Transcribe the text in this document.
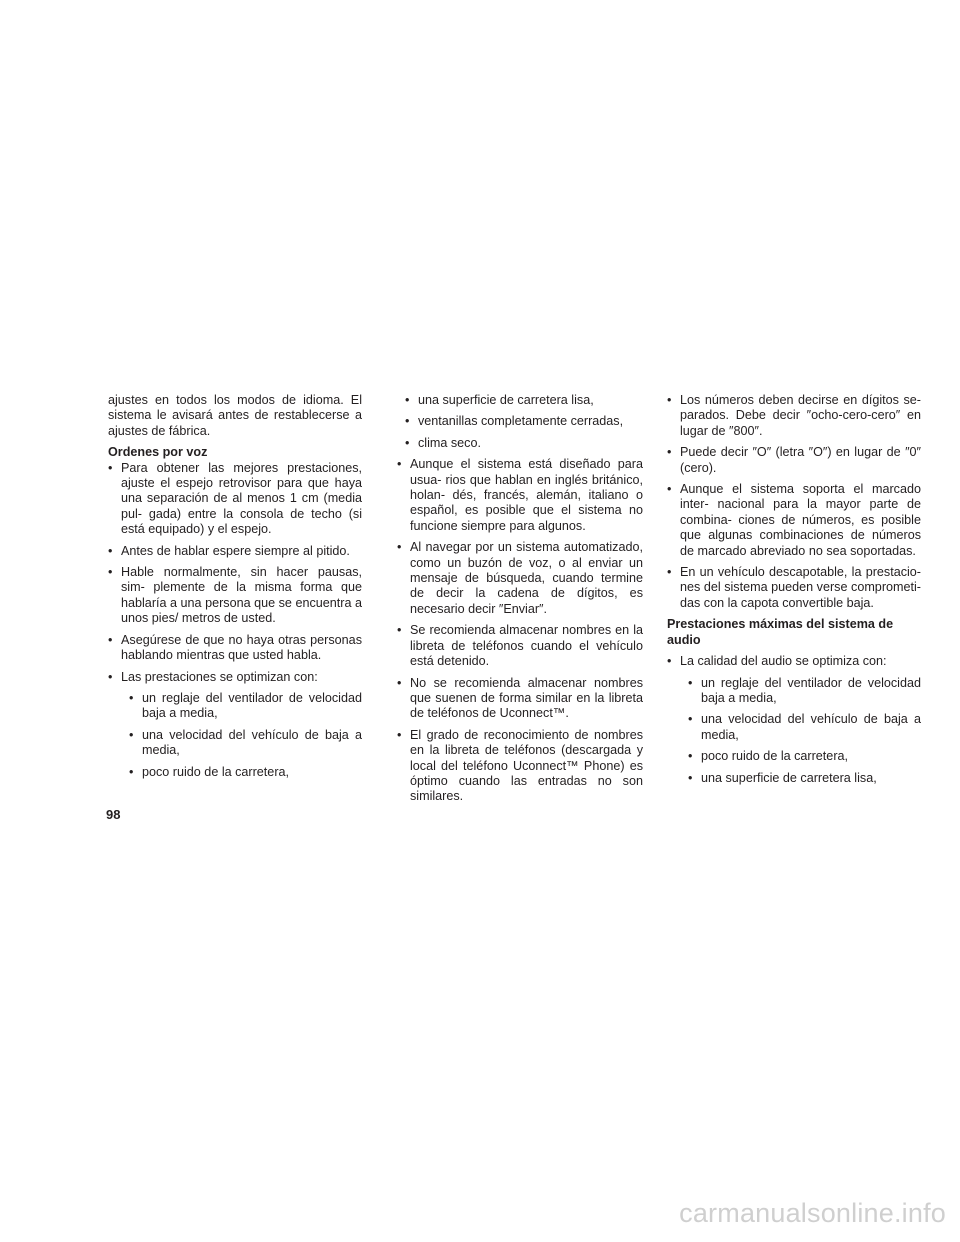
ajustes en todos los modos de idioma. El sistema le avisará antes de restablecerse a ajustes de fábrica.

Ordenes por voz

• Para obtener las mejores prestaciones, ajuste el espejo retrovisor para que haya una separación de al menos 1 cm (media pul- gada) entre la consola de techo (si está equipado) y el espejo.
• Antes de hablar espere siempre al pitido.
• Hable normalmente, sin hacer pausas, sim- plemente de la misma forma que hablaría a una persona que se encuentra a unos pies/ metros de usted.
• Asegúrese de que no haya otras personas hablando mientras que usted habla.
• Las prestaciones se optimizan con:
• un reglaje del ventilador de velocidad baja a media,
• una velocidad del vehículo de baja a media,
• poco ruido de la carretera,
• una superficie de carretera lisa,
• ventanillas completamente cerradas,
• clima seco.
• Aunque el sistema está diseñado para usua- rios que hablan en inglés británico, holan- dés, francés, alemán, italiano o español, es posible que el sistema no funcione siempre para algunos.
• Al navegar por un sistema automatizado, como un buzón de voz, o al enviar un mensaje de búsqueda, cuando termine de decir la cadena de dígitos, es necesario decir ″Enviar″.
• Se recomienda almacenar nombres en la libreta de teléfonos cuando el vehículo está detenido.
• No se recomienda almacenar nombres que suenen de forma similar en la libreta de teléfonos de Uconnect™.
• El grado de reconocimiento de nombres en la libreta de teléfonos (descargada y local del teléfono Uconnect™ Phone) es óptimo cuando las entradas no son similares.
• Los números deben decirse en dígitos se- parados. Debe decir ″ocho-cero-cero″ en lugar de ″800″.
• Puede decir ″O″ (letra ″O″) en lugar de ″0″ (cero).
• Aunque el sistema soporta el marcado inter- nacional para la mayor parte de combina- ciones de números, es posible que algunas combinaciones de números de marcado abreviado no sea soportadas.
• En un vehículo descapotable, la prestacio- nes del sistema pueden verse comprometi- das con la capota convertible baja.

Prestaciones máximas del sistema de audio

• La calidad del audio se optimiza con:
• un reglaje del ventilador de velocidad baja a media,
• una velocidad del vehículo de baja a media,
• poco ruido de la carretera,
• una superficie de carretera lisa,
98
carmanualsonline.info
